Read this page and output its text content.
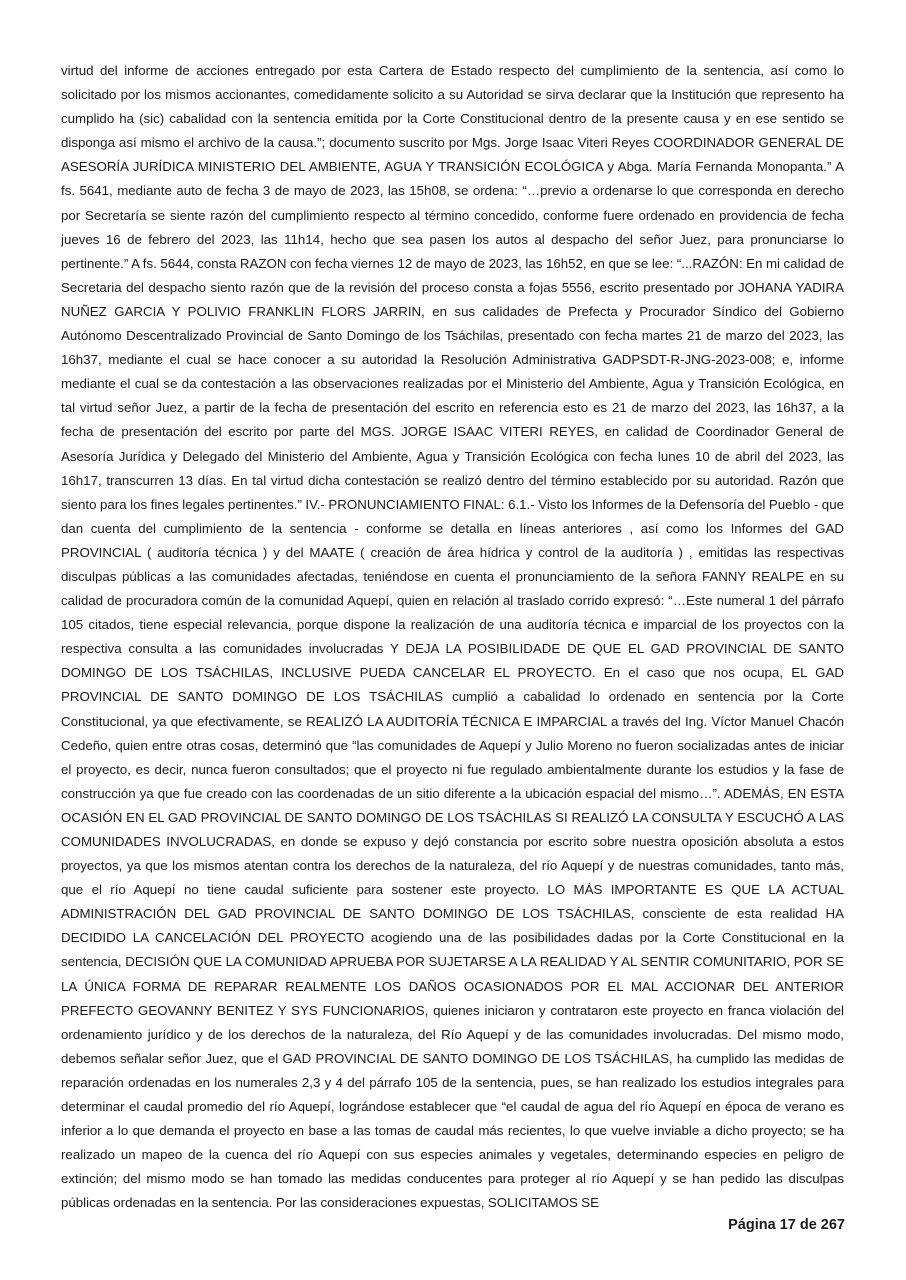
virtud del informe de acciones entregado por esta Cartera de Estado respecto del cumplimiento de la sentencia, así como lo solicitado por los mismos accionantes, comedidamente solicito a su Autoridad se sirva declarar que la Institución que represento ha cumplido ha (sic) cabalidad con la sentencia emitida por la Corte Constitucional dentro de la presente causa y en ese sentido se disponga así mismo el archivo de la causa.”; documento suscrito por Mgs. Jorge Isaac Viteri Reyes COORDINADOR GENERAL DE ASESORÍA JURÍDICA MINISTERIO DEL AMBIENTE, AGUA Y TRANSICIÓN ECOLÓGICA y Abga. María Fernanda Monopanta.” A fs. 5641, mediante auto de fecha 3 de mayo de 2023, las 15h08, se ordena: “…previo a ordenarse lo que corresponda en derecho por Secretaría se siente razón del cumplimiento respecto al término concedido, conforme fuere ordenado en providencia de fecha jueves 16 de febrero del 2023, las 11h14, hecho que sea pasen los autos al despacho del señor Juez, para pronunciarse lo pertinente.” A fs. 5644, consta RAZON con fecha viernes 12 de mayo de 2023, las 16h52, en que se lee: “...RAZÓN: En mi calidad de Secretaria del despacho siento razón que de la revisión del proceso consta a fojas 5556, escrito presentado por JOHANA YADIRA NUÑEZ GARCIA Y POLIVIO FRANKLIN FLORS JARRIN, en sus calidades de Prefecta y Procurador Síndico del Gobierno Autónomo Descentralizado Provincial de Santo Domingo de los Tsáchilas, presentado con fecha martes 21 de marzo del 2023, las 16h37, mediante el cual se hace conocer a su autoridad la Resolución Administrativa GADPSDT-R-JNG-2023-008; e, informe mediante el cual se da contestación a las observaciones realizadas por el Ministerio del Ambiente, Agua y Transición Ecológica, en tal virtud señor Juez, a partir de la fecha de presentación del escrito en referencia esto es 21 de marzo del 2023, las 16h37, a la fecha de presentación del escrito por parte del MGS. JORGE ISAAC VITERI REYES, en calidad de Coordinador General de Asesoría Jurídica y Delegado del Ministerio del Ambiente, Agua y Transición Ecológica con fecha lunes 10 de abril del 2023, las 16h17, transcurren 13 días. En tal virtud dicha contestación se realizó dentro del término establecido por su autoridad. Razón que siento para los fines legales pertinentes.” IV.- PRONUNCIAMIENTO FINAL: 6.1.- Visto los Informes de la Defensoría del Pueblo - que dan cuenta del cumplimiento de la sentencia - conforme se detalla en líneas anteriores , así como los Informes del GAD PROVINCIAL ( auditoría técnica ) y del MAATE ( creación de área hídrica y control de la auditoría ) , emitidas las respectivas disculpas públicas a las comunidades afectadas, teniéndose en cuenta el pronunciamiento de la señora FANNY REALPE en su calidad de procuradora común de la comunidad Aquepí, quien en relación al traslado corrido expresó: “…Este numeral 1 del párrafo 105 citados, tiene especial relevancia, porque dispone la realización de una auditoría técnica e imparcial de los proyectos con la respectiva consulta a las comunidades involucradas Y DEJA LA POSIBILIDADE DE QUE EL GAD PROVINCIAL DE SANTO DOMINGO DE LOS TSÁCHILAS, INCLUSIVE PUEDA CANCELAR EL PROYECTO. En el caso que nos ocupa, EL GAD PROVINCIAL DE SANTO DOMINGO DE LOS TSÁCHILAS cumplió a cabalidad lo ordenado en sentencia por la Corte Constitucional, ya que efectivamente, se REALIZÓ LA AUDITORÍA TÉCNICA E IMPARCIAL a través del Ing. Víctor Manuel Chacón Cedeño, quien entre otras cosas, determinó que “las comunidades de Aquepí y Julio Moreno no fueron socializadas antes de iniciar el proyecto, es decir, nunca fueron consultados; que el proyecto ni fue regulado ambientalmente durante los estudios y la fase de construcción ya que fue creado con las coordenadas de un sitio diferente a la ubicación espacial del mismo…”. ADEMÁS, EN ESTA OCASIÓN EN EL GAD PROVINCIAL DE SANTO DOMINGO DE LOS TSÁCHILAS SI REALIZÓ LA CONSULTA Y ESCUCHÓ A LAS COMUNIDADES INVOLUCRADAS, en donde se expuso y dejó constancia por escrito sobre nuestra oposición absoluta a estos proyectos, ya que los mismos atentan contra los derechos de la naturaleza, del río Aquepí y de nuestras comunidades, tanto más, que el río Aquepí no tiene caudal suficiente para sostener este proyecto. LO MÁS IMPORTANTE ES QUE LA ACTUAL ADMINISTRACIÓN DEL GAD PROVINCIAL DE SANTO DOMINGO DE LOS TSÁCHILAS, consciente de esta realidad HA DECIDIDO LA CANCELACIÓN DEL PROYECTO acogiendo una de las posibilidades dadas por la Corte Constitucional en la sentencia, DECISIÓN QUE LA COMUNIDAD APRUEBA POR SUJETARSE A LA REALIDAD Y AL SENTIR COMUNITARIO, POR SE LA ÚNICA FORMA DE REPARAR REALMENTE LOS DAÑOS OCASIONADOS POR EL MAL ACCIONAR DEL ANTERIOR PREFECTO GEOVANNY BENITEZ Y SYS FUNCIONARIOS, quienes iniciaron y contrataron este proyecto en franca violación del ordenamiento jurídico y de los derechos de la naturaleza, del Río Aquepí y de las comunidades involucradas. Del mismo modo, debemos señalar señor Juez, que el GAD PROVINCIAL DE SANTO DOMINGO DE LOS TSÁCHILAS, ha cumplido las medidas de reparación ordenadas en los numerales 2,3 y 4 del párrafo 105 de la sentencia, pues, se han realizado los estudios integrales para determinar el caudal promedio del río Aquepí, lográndose establecer que “el caudal de agua del río Aquepí en época de verano es inferior a lo que demanda el proyecto en base a las tomas de caudal más recientes, lo que vuelve inviable a dicho proyecto; se ha realizado un mapeo de la cuenca del río Aquepí con sus especies animales y vegetales, determinando especies en peligro de extinción; del mismo modo se han tomado las medidas conducentes para proteger al río Aquepí y se han pedido las disculpas públicas ordenadas en la sentencia. Por las consideraciones expuestas, SOLICITAMOS SE

Página 17 de 267
